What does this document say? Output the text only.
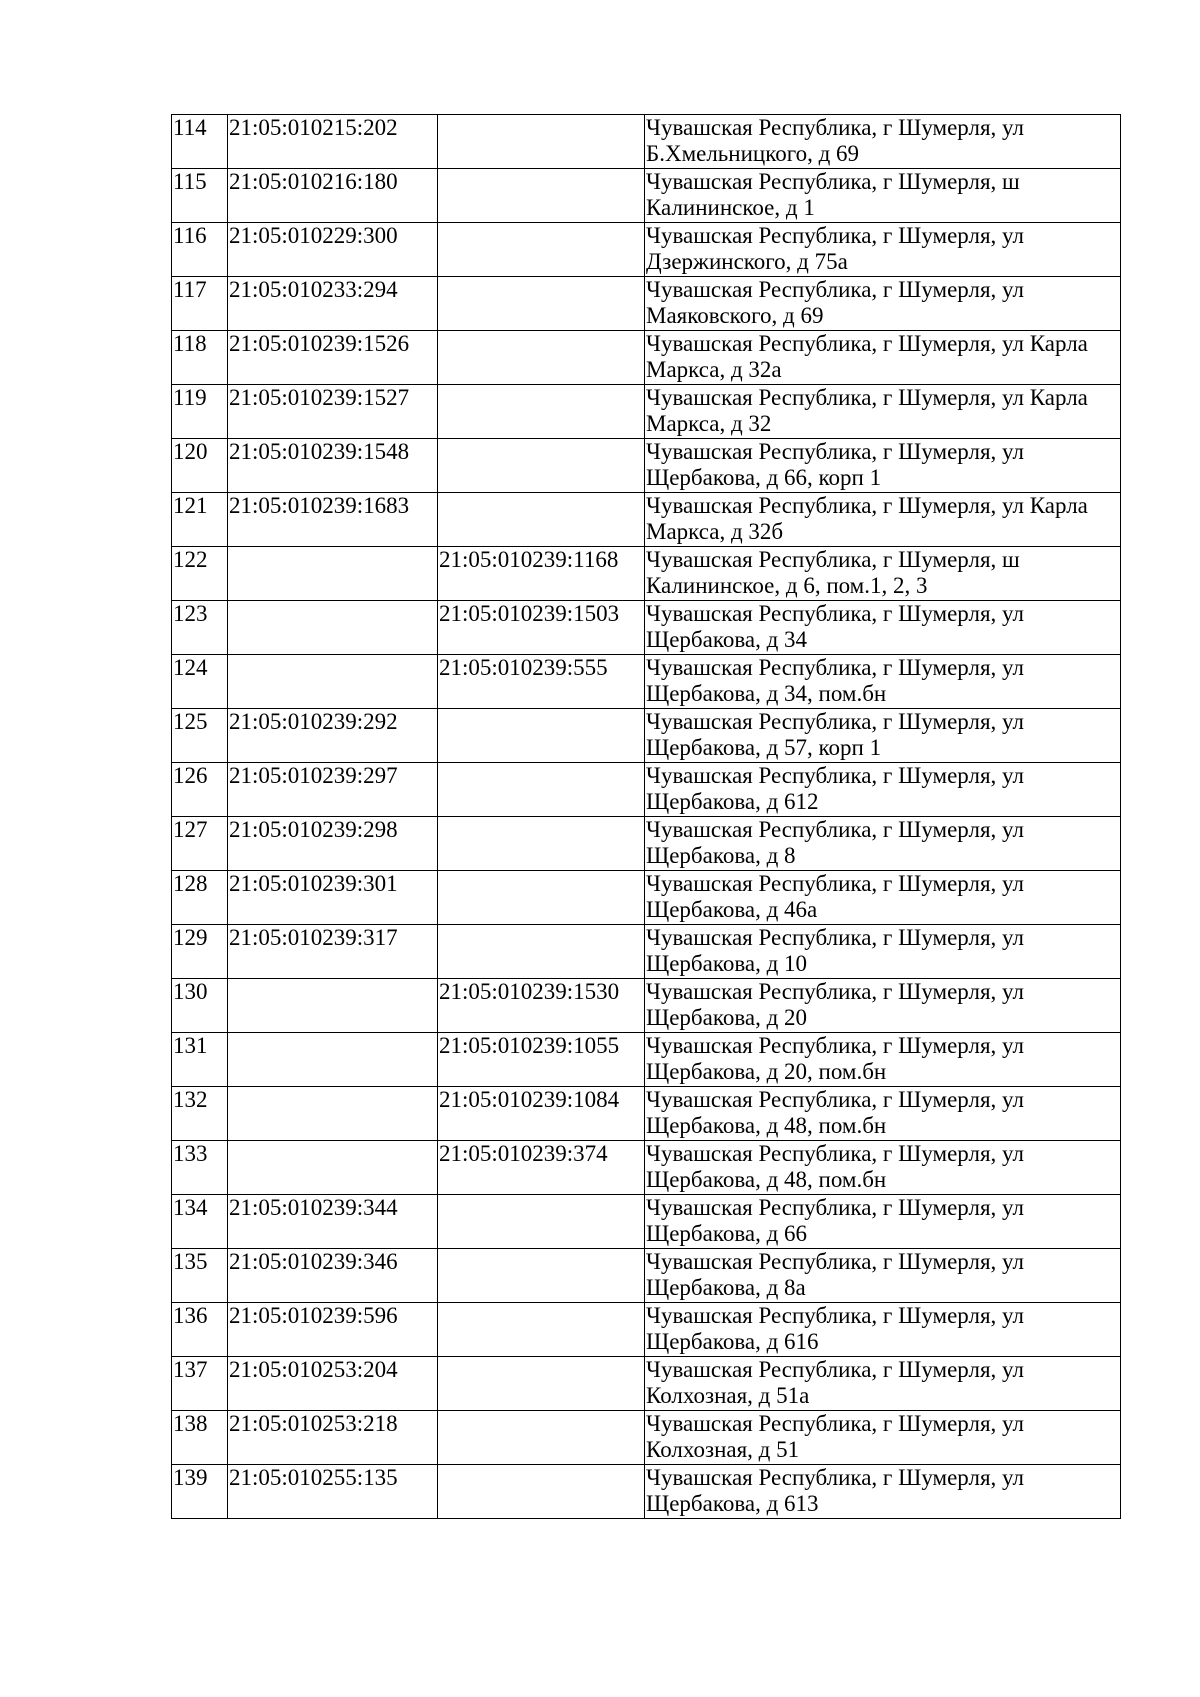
114	21:05:010215:202		Чувашская Республика, г Шумерля, ул
Б.Хмельницкого, д 69

115	21:05:010216:180		Чувашская Республика, г Шумерля, ш
Калининское, д 1

116	21:05:010229:300		Чувашская Республика, г Шумерля, ул
Дзержинского, д 75а

117	21:05:010233:294		Чувашская Республика, г Шумерля, ул
Маяковского, д 69

118	21:05:010239:1526		Чувашская Республика, г Шумерля, ул Карла
Маркса, д 32а

119	21:05:010239:1527		Чувашская Республика, г Шумерля, ул Карла
Маркса, д 32

120	21:05:010239:1548		Чувашская Республика, г Шумерля, ул
Щербакова, д 66, корп 1

121	21:05:010239:1683		Чувашская Республика, г Шумерля, ул Карла
Маркса, д 32б

122		21:05:010239:1168	Чувашская Республика, г Шумерля, ш
Калининское, д 6, пом.1, 2, 3

123		21:05:010239:1503	Чувашская Республика, г Шумерля, ул
Щербакова, д 34

124		21:05:010239:555	Чувашская Республика, г Шумерля, ул
Щербакова, д 34, пом.бн

125	21:05:010239:292		Чувашская Республика, г Шумерля, ул
Щербакова, д 57, корп 1

126	21:05:010239:297		Чувашская Республика, г Шумерля, ул
Щербакова, д 612

127	21:05:010239:298		Чувашская Республика, г Шумерля, ул
Щербакова, д 8

128	21:05:010239:301		Чувашская Республика, г Шумерля, ул
Щербакова, д 46а

129	21:05:010239:317		Чувашская Республика, г Шумерля, ул
Щербакова, д 10

130		21:05:010239:1530	Чувашская Республика, г Шумерля, ул
Щербакова, д 20

131		21:05:010239:1055	Чувашская Республика, г Шумерля, ул
Щербакова, д 20, пом.бн

132		21:05:010239:1084	Чувашская Республика, г Шумерля, ул
Щербакова, д 48, пом.бн

133		21:05:010239:374	Чувашская Республика, г Шумерля, ул
Щербакова, д 48, пом.бн

134	21:05:010239:344		Чувашская Республика, г Шумерля, ул
Щербакова, д 66

135	21:05:010239:346		Чувашская Республика, г Шумерля, ул
Щербакова, д 8а

136	21:05:010239:596		Чувашская Республика, г Шумерля, ул
Щербакова, д 616

137	21:05:010253:204		Чувашская Республика, г Шумерля, ул
Колхозная, д 51а

138	21:05:010253:218		Чувашская Республика, г Шумерля, ул
Колхозная, д 51

139	21:05:010255:135		Чувашская Республика, г Шумерля, ул
Щербакова, д 613
